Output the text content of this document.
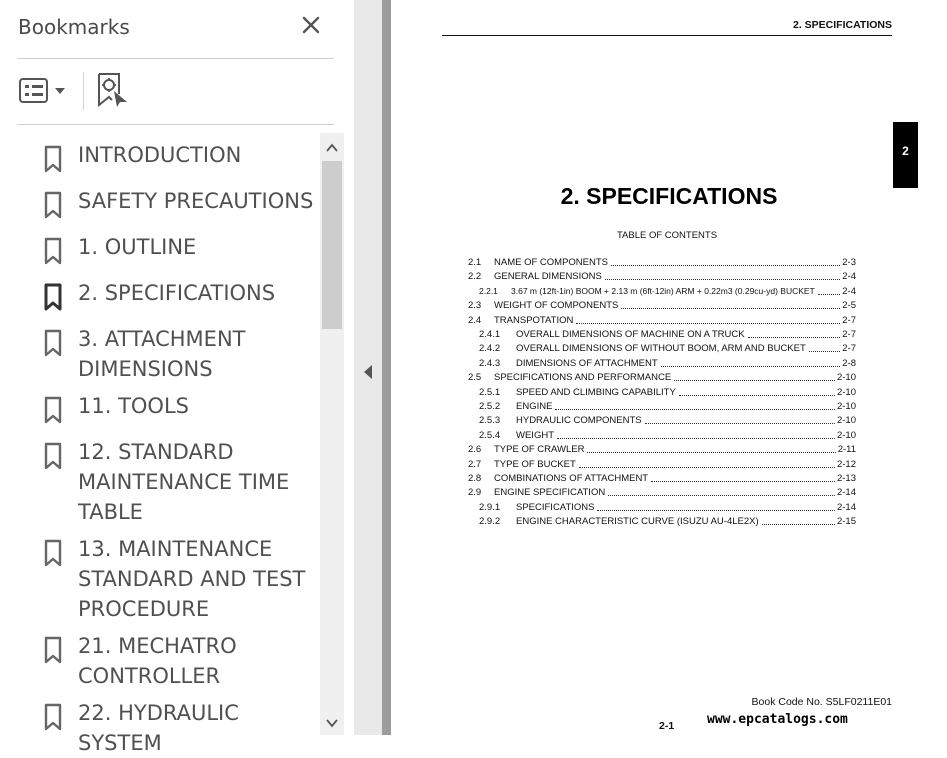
Bookmarks
INTRODUCTION
SAFETY PRECAUTIONS
1. OUTLINE
2. SPECIFICATIONS
3. ATTACHMENT
DIMENSIONS
11. TOOLS
12. STANDARD
MAINTENANCE TIME
TABLE
13. MAINTENANCE
STANDARD AND TEST
PROCEDURE
21. MECHATRO
CONTROLLER
22. HYDRAULIC SYSTEM
2. SPECIFICATIONS
2
2. SPECIFICATIONS
TABLE OF CONTENTS
2.1 NAME OF COMPONENTS	2-3
2.2 GENERAL DIMENSIONS	2-4
2.2.1 3.67 m (12ft-1in) BOOM + 2.13 m (6ft-12in) ARM + 0.22m3 (0.29cu-yd) BUCKET	2-4
2.3 WEIGHT OF COMPONENTS	2-5
2.4 TRANSPOTATION	2-7
2.4.1 OVERALL DIMENSIONS OF MACHINE ON A TRUCK	2-7
2.4.2 OVERALL DIMENSIONS OF WITHOUT BOOM, ARM AND BUCKET	2-7
2.4.3 DIMENSIONS OF ATTACHMENT	2-8
2.5 SPECIFICATIONS AND PERFORMANCE	2-10
2.5.1 SPEED AND CLIMBING CAPABILITY	2-10
2.5.2 ENGINE	2-10
2.5.3 HYDRAULIC COMPONENTS	2-10
2.5.4 WEIGHT	2-10
2.6 TYPE OF CRAWLER	2-11
2.7 TYPE OF BUCKET	2-12
2.8 COMBINATIONS OF ATTACHMENT	2-13
2.9 ENGINE SPECIFICATION	2-14
2.9.1 SPECIFICATIONS	2-14
2.9.2 ENGINE CHARACTERISTIC CURVE (ISUZU AU-4LE2X)	2-15
Book Code No. S5LF0211E01
2-1	www.epcatalogs.com
